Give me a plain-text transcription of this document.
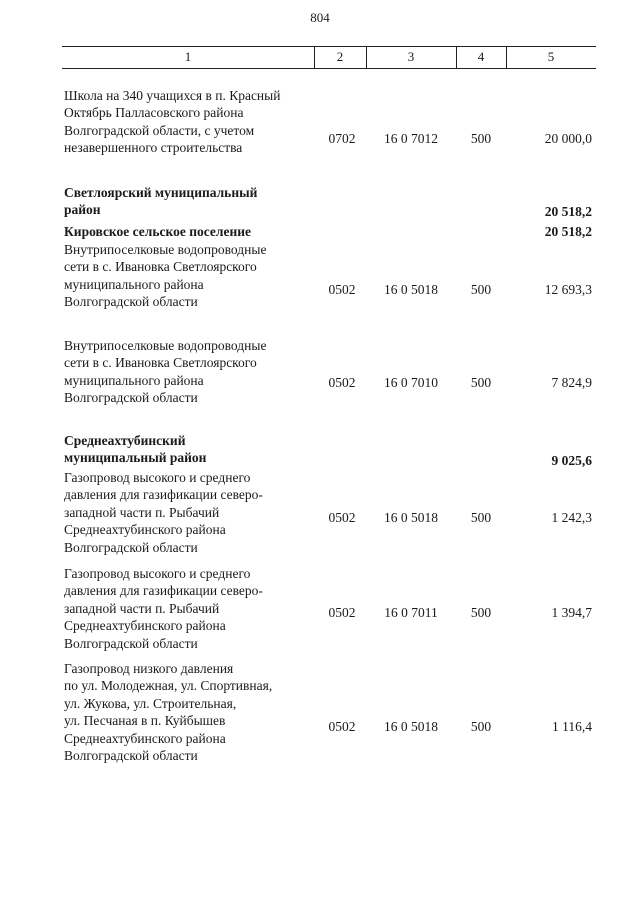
804
1	2	3	4	5
Школа на 340 учащихся в п. Красный
Октябрь Палласовского района
Волгоградской области, с учетом
незавершенного строительства
0702	16 0 7012	500	20 000,0
Светлоярский муниципальный
район	20 518,2
Кировское сельское поселение	20 518,2
Внутрипоселковые водопроводные
сети в с. Ивановка Светлоярского
муниципального района
Волгоградской области
0502	16 0 5018	500	12 693,3
Внутрипоселковые водопроводные
сети в с. Ивановка Светлоярского
муниципального района
Волгоградской области
0502	16 0 7010	500	7 824,9
Среднеахтубинский
муниципальный район	9 025,6
Газопровод высокого и среднего
давления для газификации северо-
западной части п. Рыбачий
Среднеахтубинского района
Волгоградской области
0502	16 0 5018	500	1 242,3
Газопровод высокого и среднего
давления для газификации северо-
западной части п. Рыбачий
Среднеахтубинского района
Волгоградской области
0502	16 0 7011	500	1 394,7
Газопровод низкого давления
по ул. Молодежная, ул. Спортивная,
ул. Жукова, ул. Строительная,
ул. Песчаная в п. Куйбышев
Среднеахтубинского района
Волгоградской области
0502	16 0 5018	500	1 116,4
